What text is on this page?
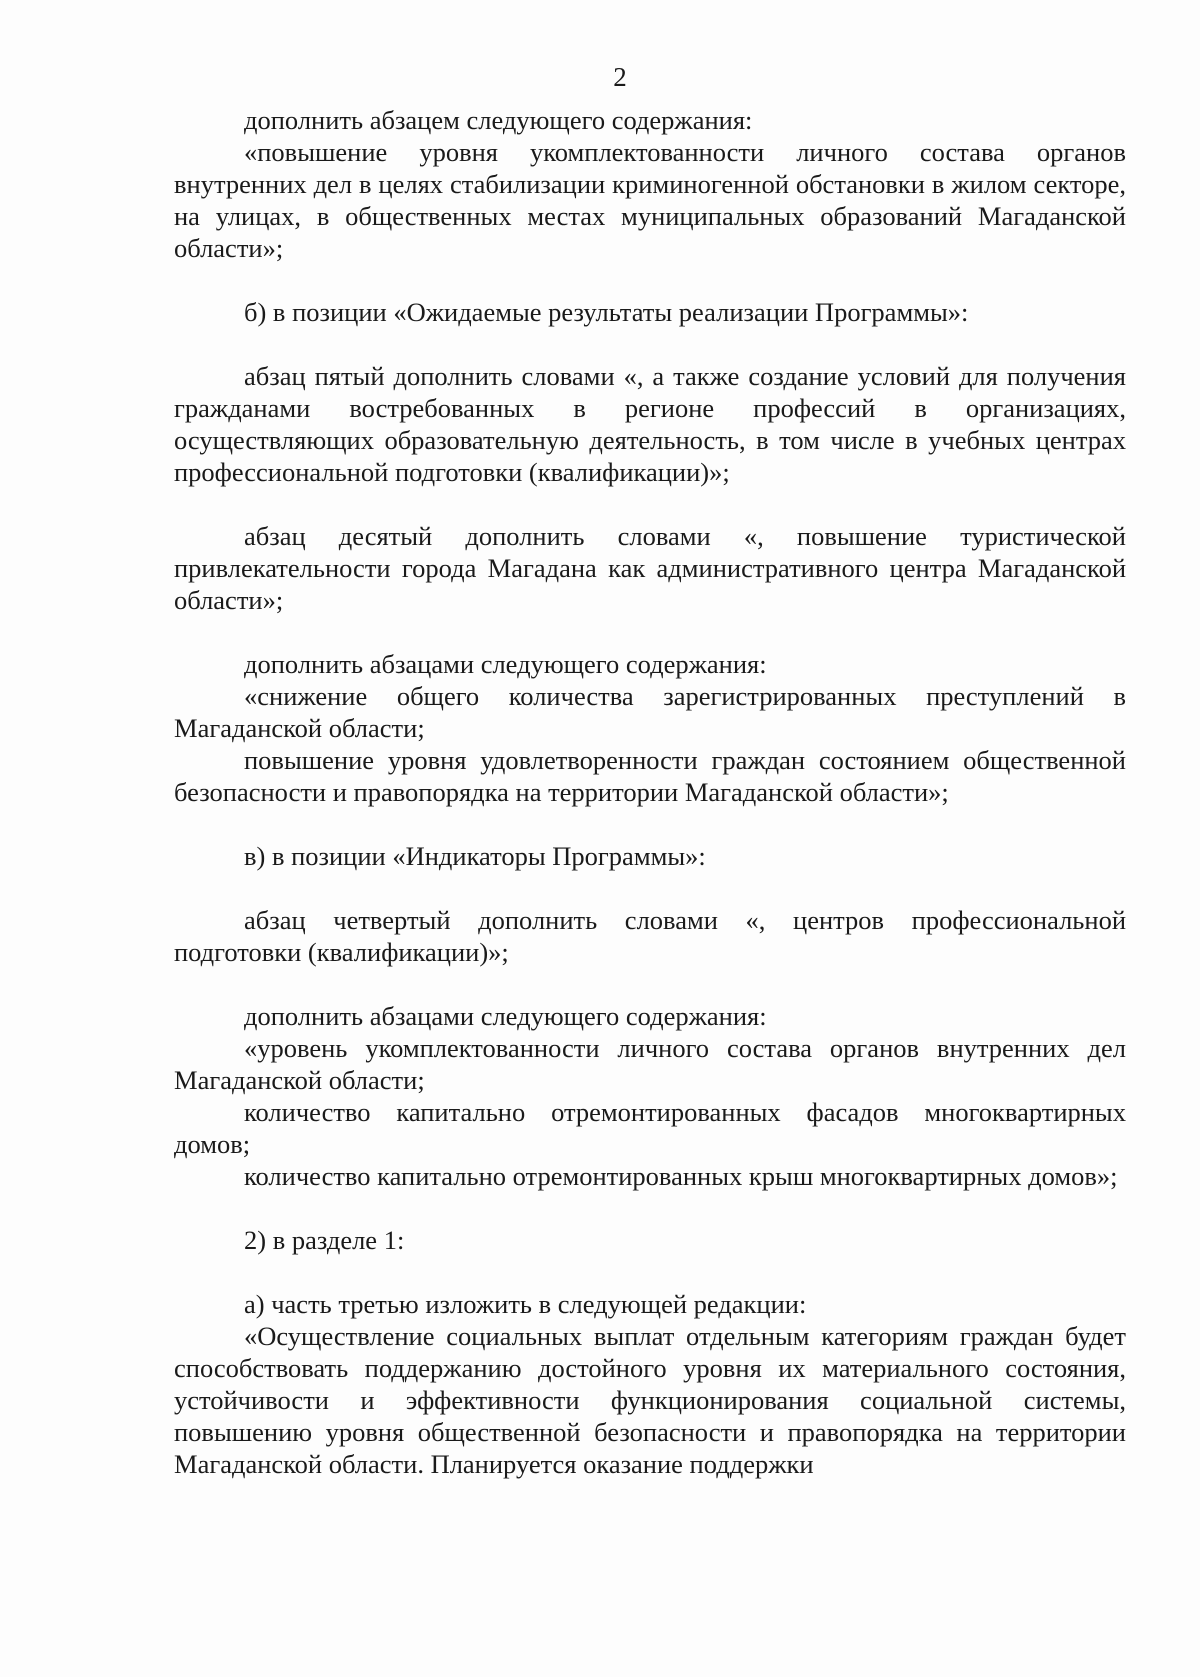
2

дополнить абзацем следующего содержания:

«повышение уровня укомплектованности личного состава органов внутренних дел в целях стабилизации криминогенной обстановки в жилом секторе, на улицах, в общественных местах муниципальных образований Магаданской области»;

б) в позиции «Ожидаемые результаты реализации Программы»:

абзац пятый дополнить словами «, а также создание условий для получения гражданами востребованных в регионе профессий в организациях, осуществляющих образовательную деятельность, в том числе в учебных центрах профессиональной подготовки (квалификации)»;

абзац десятый дополнить словами «, повышение туристической привлекательности города Магадана как административного центра Магаданской области»;

дополнить абзацами следующего содержания:

«снижение общего количества зарегистрированных преступлений в Магаданской области;

повышение уровня удовлетворенности граждан состоянием общественной безопасности и правопорядка на территории Магаданской области»;

в) в позиции «Индикаторы Программы»:

абзац четвертый дополнить словами «, центров профессиональной подготовки (квалификации)»;

дополнить абзацами следующего содержания:

«уровень укомплектованности личного состава органов внутренних дел Магаданской области;

количество капитально отремонтированных фасадов многоквартирных домов;

количество капитально отремонтированных крыш многоквартирных домов»;

2) в разделе 1:

а) часть третью изложить в следующей редакции:

«Осуществление социальных выплат отдельным категориям граждан будет способствовать поддержанию достойного уровня их материального состояния, устойчивости и эффективности функционирования социальной системы, повышению уровня общественной безопасности и правопорядка на территории Магаданской области. Планируется оказание поддержки
